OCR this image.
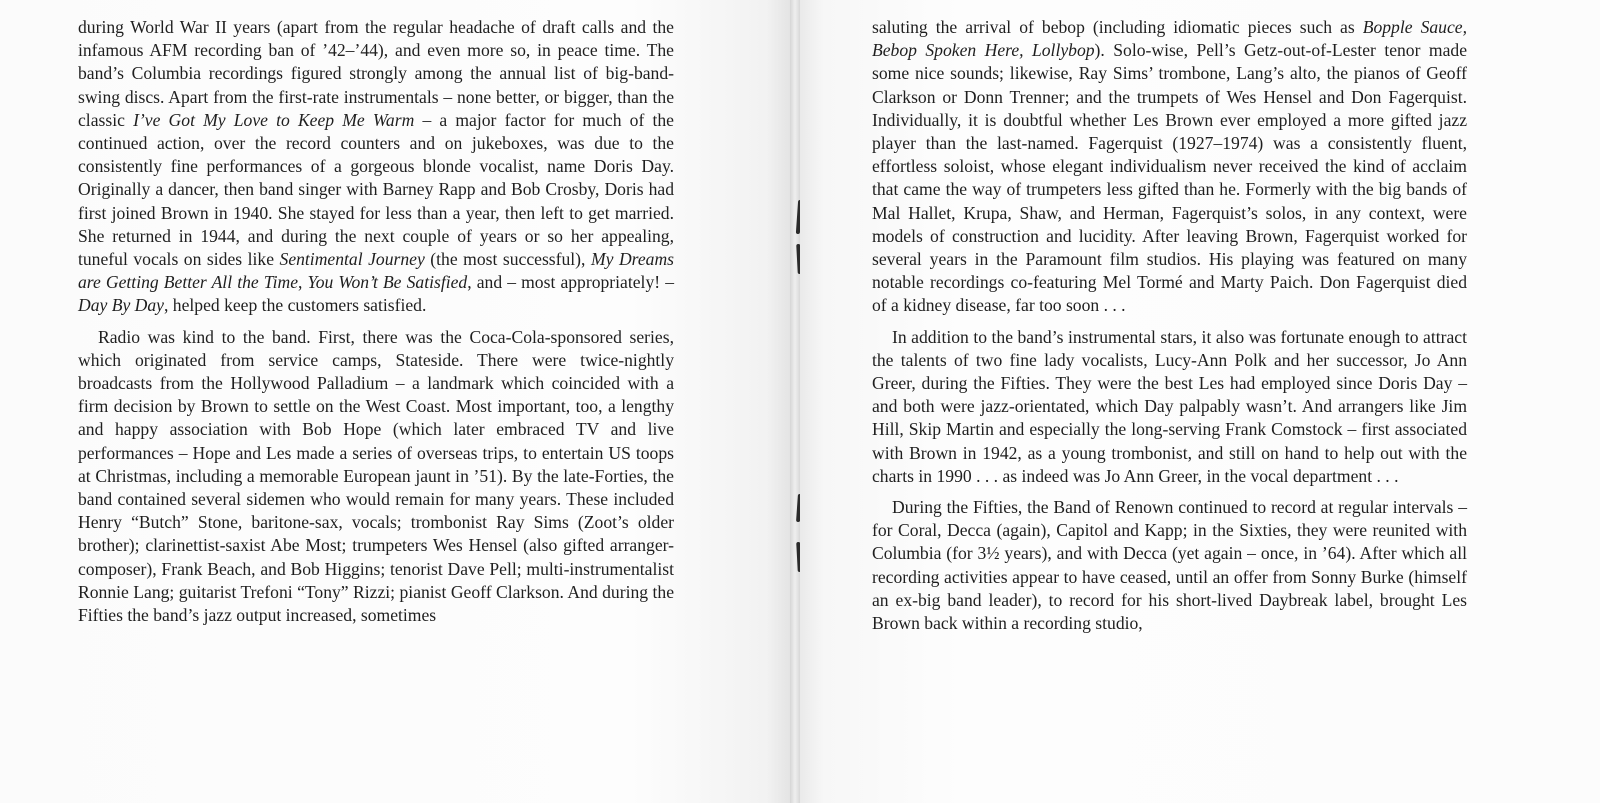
during World War II years (apart from the regular headache of draft calls and the infamous AFM recording ban of ’42–’44), and even more so, in peace time. The band’s Columbia recordings figured strongly among the annual list of big-band-swing discs. Apart from the first-rate instrumentals – none better, or bigger, than the classic I’ve Got My Love to Keep Me Warm – a major factor for much of the continued action, over the record counters and on jukeboxes, was due to the consistently fine performances of a gorgeous blonde vocalist, name Doris Day. Originally a dancer, then band singer with Barney Rapp and Bob Crosby, Doris had first joined Brown in 1940. She stayed for less than a year, then left to get married. She returned in 1944, and during the next couple of years or so her appealing, tuneful vocals on sides like Sentimental Journey (the most successful), My Dreams are Getting Better All the Time, You Won’t Be Satisfied, and – most appropriately! – Day By Day, helped keep the customers satisfied.

Radio was kind to the band. First, there was the Coca-Cola-sponsored series, which originated from service camps, Stateside. There were twice-nightly broadcasts from the Hollywood Palladium – a landmark which coincided with a firm decision by Brown to settle on the West Coast. Most important, too, a lengthy and happy association with Bob Hope (which later embraced TV and live performances – Hope and Les made a series of overseas trips, to entertain US toops at Christmas, including a memorable European jaunt in ’51). By the late-Forties, the band contained several sidemen who would remain for many years. These included Henry “Butch” Stone, baritone-sax, vocals; trombonist Ray Sims (Zoot’s older brother); clarinettist-saxist Abe Most; trumpeters Wes Hensel (also gifted arranger-composer), Frank Beach, and Bob Higgins; tenorist Dave Pell; multi-instrumentalist Ronnie Lang; guitarist Trefoni “Tony” Rizzi; pianist Geoff Clarkson. And during the Fifties the band’s jazz output increased, sometimes

saluting the arrival of bebop (including idiomatic pieces such as Bopple Sauce, Bebop Spoken Here, Lollybop). Solo-wise, Pell’s Getz-out-of-Lester tenor made some nice sounds; likewise, Ray Sims’ trombone, Lang’s alto, the pianos of Geoff Clarkson or Donn Trenner; and the trumpets of Wes Hensel and Don Fagerquist. Individually, it is doubtful whether Les Brown ever employed a more gifted jazz player than the last-named. Fagerquist (1927–1974) was a consistently fluent, effortless soloist, whose elegant individualism never received the kind of acclaim that came the way of trumpeters less gifted than he. Formerly with the big bands of Mal Hallet, Krupa, Shaw, and Herman, Fagerquist’s solos, in any context, were models of construction and lucidity. After leaving Brown, Fagerquist worked for several years in the Paramount film studios. His playing was featured on many notable recordings co-featuring Mel Tormé and Marty Paich. Don Fagerquist died of a kidney disease, far too soon . . .

In addition to the band’s instrumental stars, it also was fortunate enough to attract the talents of two fine lady vocalists, Lucy-Ann Polk and her successor, Jo Ann Greer, during the Fifties. They were the best Les had employed since Doris Day – and both were jazz-orientated, which Day palpably wasn’t. And arrangers like Jim Hill, Skip Martin and especially the long-serving Frank Comstock – first associated with Brown in 1942, as a young trombonist, and still on hand to help out with the charts in 1990 . . . as indeed was Jo Ann Greer, in the vocal department . . .

During the Fifties, the Band of Renown continued to record at regular intervals – for Coral, Decca (again), Capitol and Kapp; in the Sixties, they were reunited with Columbia (for 3½ years), and with Decca (yet again – once, in ’64). After which all recording activities appear to have ceased, until an offer from Sonny Burke (himself an ex-big band leader), to record for his short-lived Daybreak label, brought Les Brown back within a recording studio,
